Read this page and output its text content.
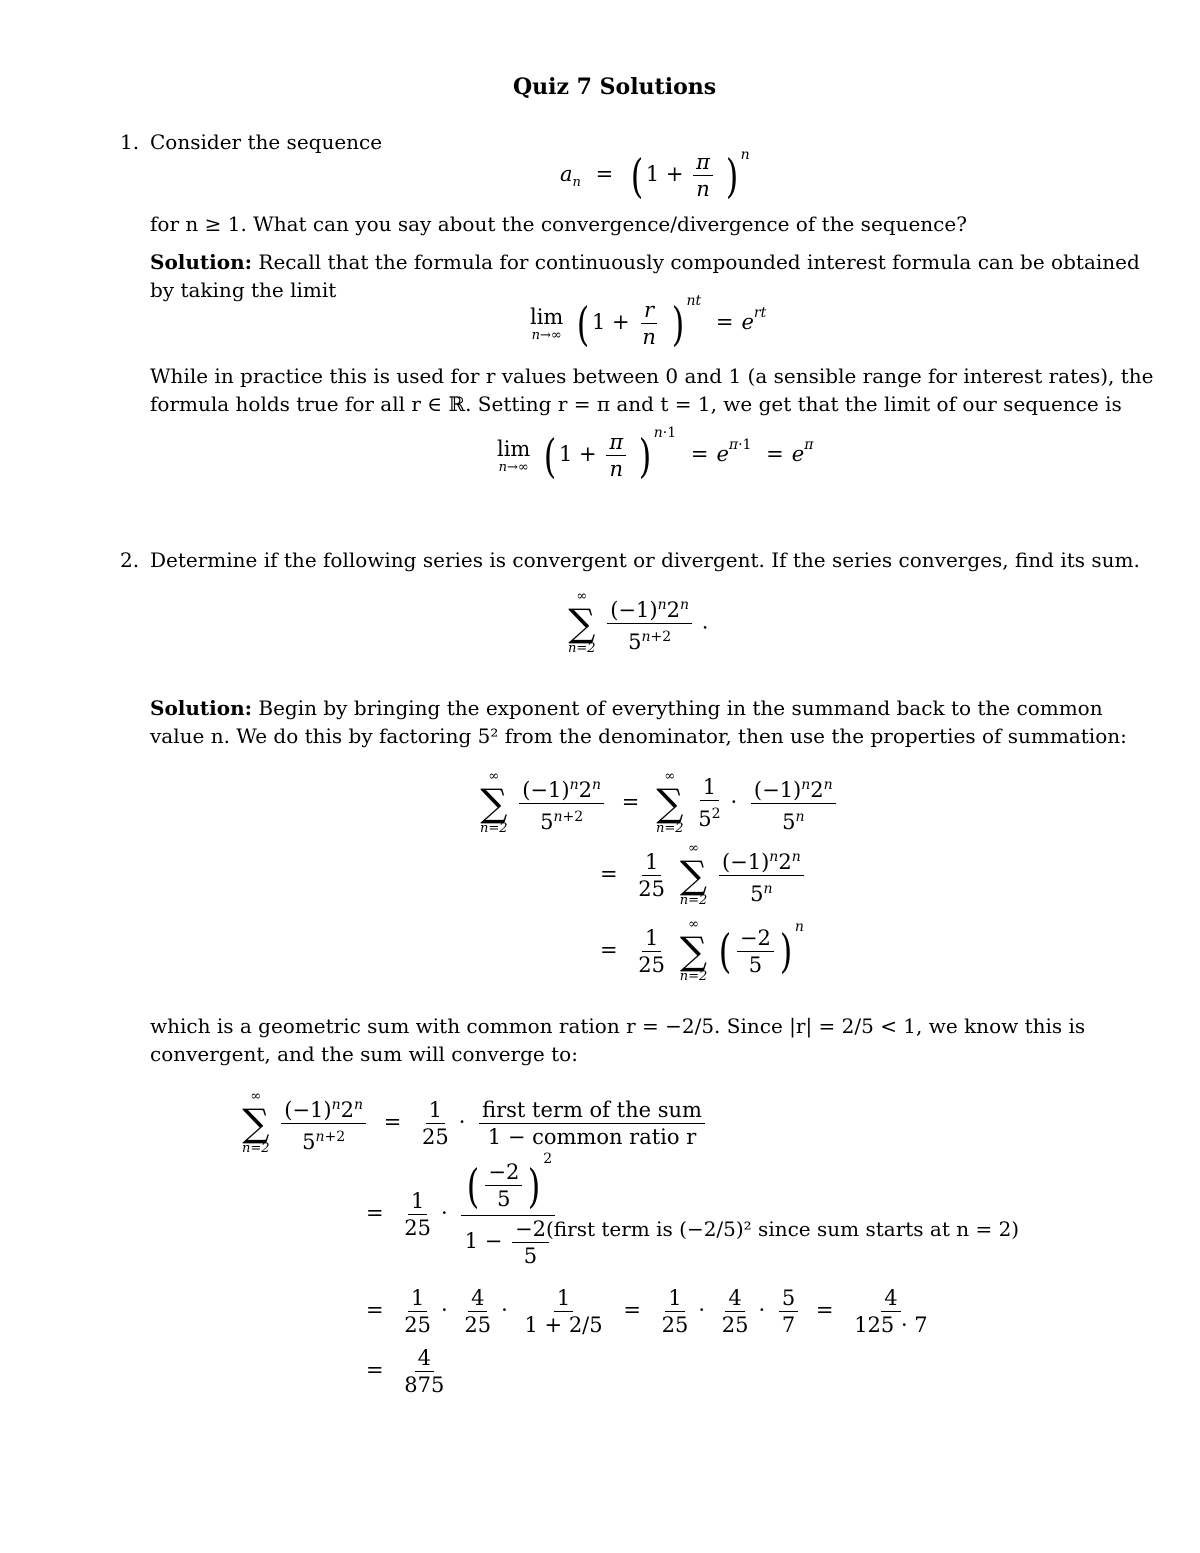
Quiz 7 Solutions
1. Consider the sequence
$a_n$ = ( $1 + \frac{\pi}{n}$ ) $^n$
for n ≥ 1. What can you say about the convergence/divergence of the sequence?
Solution: Recall that the formula for continuously compounded interest formula can be obtained
by taking the limit
lim
n→∞ ( $1 + \frac{r}{n}$ ) $^{nt} = e^{rt}$
While in practice this is used for r values between 0 and 1 (a sensible range for interest rates), the
formula holds true for all r ∈ ℝ. Setting r = π and t = 1, we get that the limit of our sequence is
lim
n→∞ ( $1 + \frac{\pi}{n}$ ) $^{n\cdot 1} = e^{\pi\cdot 1} = e^\pi$
2. Determine if the following series is convergent or divergent. If the series converges, find its sum.
∞
∑
n=2
$\frac{(-1)^n2^n}{5^{n+2}}$ .
Solution: Begin by bringing the exponent of everything in the summand back to the common
value n. We do this by factoring 5² from the denominator, then use the properties of summation:
∞
∑
n=2
$\frac{(-1)^n2^n}{5^{n+2}}$ =
∞
∑
n=2
$\frac{1}{5^2} \cdot \frac{(-1)^n2^n}{5^n}$
= $\frac{1}{25}$

∞
∑
n=2
$\frac{(-1)^n2^n}{5^n}$
= $\frac{1}{25}$

∞
∑
n=2 ( $\frac{-2}{5}$ ) $^n$
which is a geometric sum with common ration r = −2/5. Since |r| = 2/5 < 1, we know this is
convergent, and the sum will converge to:
∞
∑
n=2
$\frac{(-1)^n2^n}{5^{n+2}} = \frac{1}{25} \cdot \frac{\text{first term of the sum}}{\text{1 − common ratio r}}$
= $\frac{1}{25} \cdot \frac{( \frac{-2}{5} ) ^2}{1 - \frac{-2}{5}}$
(first term is (−2/5)² since sum starts at n = 2)
= $\frac{1}{25} \cdot \frac{4}{25} \cdot \frac{1}{1 + 2/5} = \frac{1}{25} \cdot \frac{4}{25} \cdot \frac{5}{7} = \frac{4}{125 \cdot 7}$
= $\frac{4}{875}$
